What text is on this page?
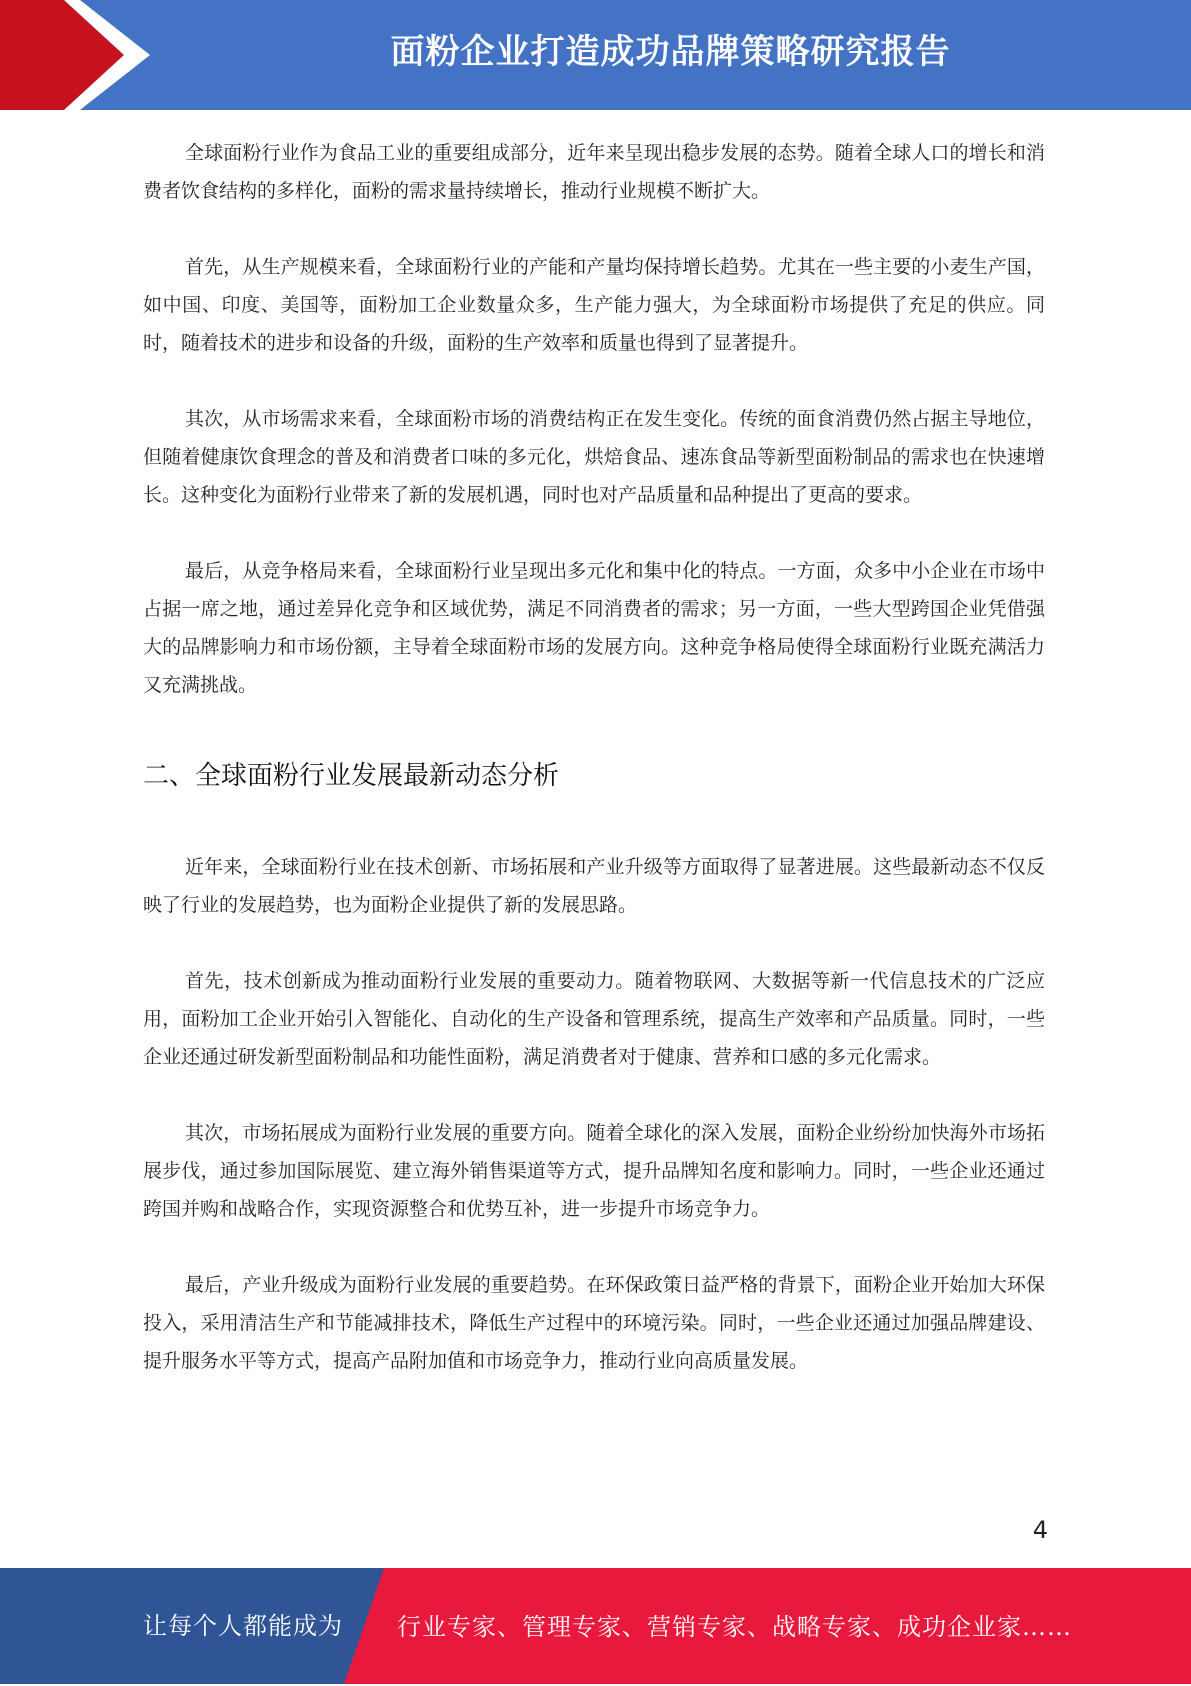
面粉企业打造成功品牌策略研究报告

全球面粉行业作为食品工业的重要组成部分，近年来呈现出稳步发展的态势。随着全球人口的增长和消费者饮食结构的多样化，面粉的需求量持续增长，推动行业规模不断扩大。

首先，从生产规模来看，全球面粉行业的产能和产量均保持增长趋势。尤其在一些主要的小麦生产国，如中国、印度、美国等，面粉加工企业数量众多，生产能力强大，为全球面粉市场提供了充足的供应。同时，随着技术的进步和设备的升级，面粉的生产效率和质量也得到了显著提升。

其次，从市场需求来看，全球面粉市场的消费结构正在发生变化。传统的面食消费仍然占据主导地位，但随着健康饮食理念的普及和消费者口味的多元化，烘焙食品、速冻食品等新型面粉制品的需求也在快速增长。这种变化为面粉行业带来了新的发展机遇，同时也对产品质量和品种提出了更高的要求。

最后，从竞争格局来看，全球面粉行业呈现出多元化和集中化的特点。一方面，众多中小企业在市场中占据一席之地，通过差异化竞争和区域优势，满足不同消费者的需求；另一方面，一些大型跨国企业凭借强大的品牌影响力和市场份额，主导着全球面粉市场的发展方向。这种竞争格局使得全球面粉行业既充满活力又充满挑战。

二、全球面粉行业发展最新动态分析

近年来，全球面粉行业在技术创新、市场拓展和产业升级等方面取得了显著进展。这些最新动态不仅反映了行业的发展趋势，也为面粉企业提供了新的发展思路。

首先，技术创新成为推动面粉行业发展的重要动力。随着物联网、大数据等新一代信息技术的广泛应用，面粉加工企业开始引入智能化、自动化的生产设备和管理系统，提高生产效率和产品质量。同时，一些企业还通过研发新型面粉制品和功能性面粉，满足消费者对于健康、营养和口感的多元化需求。

其次，市场拓展成为面粉行业发展的重要方向。随着全球化的深入发展，面粉企业纷纷加快海外市场拓展步伐，通过参加国际展览、建立海外销售渠道等方式，提升品牌知名度和影响力。同时，一些企业还通过跨国并购和战略合作，实现资源整合和优势互补，进一步提升市场竞争力。

最后，产业升级成为面粉行业发展的重要趋势。在环保政策日益严格的背景下，面粉企业开始加大环保投入，采用清洁生产和节能减排技术，降低生产过程中的环境污染。同时，一些企业还通过加强品牌建设、提升服务水平等方式，提高产品附加值和市场竞争力，推动行业向高质量发展。

4
让每个人都能成为 行业专家、管理专家、营销专家、战略专家、成功企业家……
